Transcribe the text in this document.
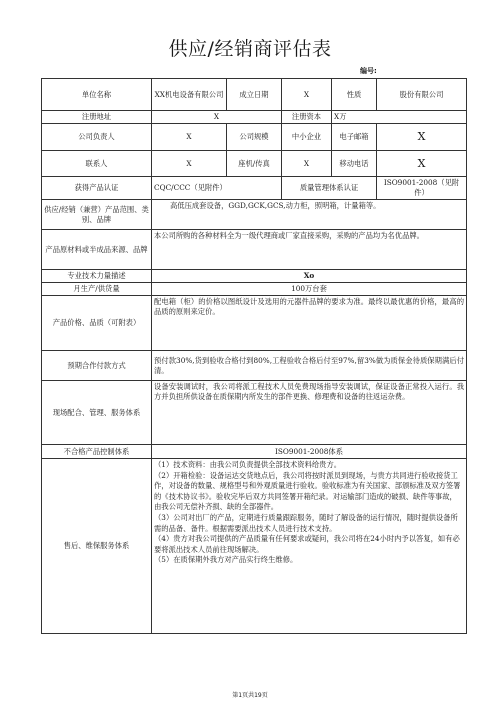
供应/经销商评估表
编号:
单位名称	XX机电设备有限公司	成立日期	X	性质	股份有限公司
注册地址	X		注册资本	X万	
公司负责人	X	公司规模	中小企业	电子邮箱	X
联系人	X	座机/传真	X	移动电话	X
获得产品认证	CQC/CCC（见附件）		质量管理体系认证		ISO9001-2008（见附件）
供应/经销（兼营）产品范围、类别、品牌	高低压成套设备，GGD,GCK,GCS,动力柜，照明箱，计量箱等。				
产品原材料或半成品来源、品牌	本公司所购的各种材料全为一级代理商或厂家直接采购，采购的产品均为名优品牌。				
专业技术力量描述	Xo				
月生产/供货量	100万台套				
产品价格、品质（可附表）	配电箱（柜）的价格以图纸设计及选用的元器件品牌的要求为准。最终以最优惠的价格，最高的品质的原则来定价。				
预期合作付款方式	预付款30%,货到验收合格付到80%,工程验收合格后付至97%,留3%做为质保金待质保期满后付清。				
现场配合、管理、服务体系	设备安装调试时，我公司将派工程技术人员免费现场指导安装调试，保证设备正常投入运行。我方并负担所供设备在质保期内所发生的部件更换、修理费和设备的往返运杂费。				
不合格产品控制体系	ISO9001-2008体系				
售后、维保服务体系	（1）技术资料：由我公司负责提供全部技术资料给贵方。

（2）开箱检验：设备运达交货地点后，我公司将按时派员到现场，与贵方共同进行验收接货工作，对设备的数量、规格型号和外观质量进行验收。验收标准为有关国家、部颁标准及双方签署的《技术协议书》。验收完毕后双方共同签署开箱纪录。对运输部门造成的破损、缺件等事故，由我公司无偿补齐损、缺的全部器件。

（3）公司对出厂的产品，定期进行质量跟踪服务，随时了解设备的运行情况，随时提供设备所需的品备、备件。根据需要派出技术人员进行技术支持。

（4）贵方对我公司提供的产品质量有任何要求或疑问，我公司将在24小时内予以答复，如有必要将派出技术人员前往现场解决。

（5）在质保期外我方对产品实行终生维修。				

第1页共19页
